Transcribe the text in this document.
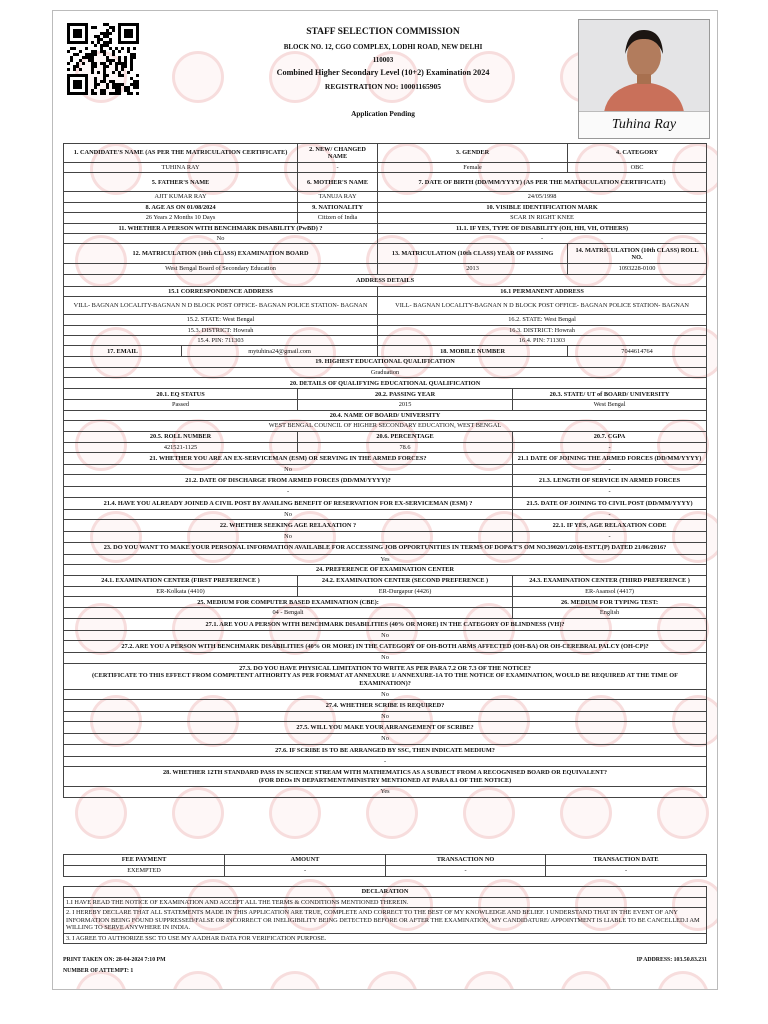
STAFF SELECTION COMMISSION
BLOCK NO. 12, CGO COMPLEX, LODHI ROAD, NEW DELHI
110003
Combined Higher Secondary Level (10+2) Examination 2024
REGISTRATION NO: 10001165905
Application Pending
Tuhina Ray
1. CANDIDATE'S NAME (AS PER THE MATRICULATION CERTIFICATE)		2. NEW/ CHANGED NAME	3. GENDER		4. CATEGORY
TUHINA RAY		-	Female		OBC
5. FATHER'S NAME		6. MOTHER'S NAME	7. DATE OF BIRTH (DD/MM/YYYY) (AS PER THE MATRICULATION CERTIFICATE)		
AJIT KUMAR RAY		TANUJA RAY	24/05/1998		
8. AGE AS ON 01/08/2024		9. NATIONALITY	10. VISIBLE IDENTIFICATION MARK		
26 Years 2 Months 10 Days		Citizen of India	SCAR IN RIGHT KNEE		
11. WHETHER A PERSON WITH BENCHMARK DISABILITY (PwBD) ?			11.1. IF YES, TYPE OF DISABILITY (OH, HH, VH, OTHERS)		
No			-		
12. MATRICULATION (10th CLASS) EXAMINATION BOARD			13. MATRICULATION (10th CLASS) YEAR OF PASSING		14. MATRICULATION (10th CLASS) ROLL NO.
West Bengal Board of Secondary Education			2013		1093228-0100
ADDRESS DETAILS					
15.1 CORRESPONDENCE ADDRESS			16.1 PERMANENT ADDRESS		
VILL- BAGNAN LOCALITY-BAGNAN N D BLOCK POST OFFICE- BAGNAN POLICE STATION- BAGNAN			VILL- BAGNAN LOCALITY-BAGNAN N D BLOCK POST OFFICE- BAGNAN POLICE STATION- BAGNAN		
15.2. STATE: West Bengal			16.2. STATE: West Bengal		
15.3. DISTRICT: Howrah			16.3. DISTRICT: Howrah		
15.4. PIN: 711303			16.4. PIN: 711303		
17. EMAIL	mytuhina24@gmail.com		18. MOBILE NUMBER		7044614764
19. HIGHEST EDUCATIONAL QUALIFICATION					
Graduation					
20. DETAILS OF QUALIFYING EDUCATIONAL QUALIFICATION					
20.1. EQ STATUS		20.2. PASSING YEAR		20.3. STATE/ UT of BOARD/ UNIVERSITY	
Passed		2015		West Bengal	
20.4. NAME OF BOARD/ UNIVERSITY					
WEST BENGAL COUNCIL OF HIGHER SECONDARY EDUCATION, WEST BENGAL					
20.5. ROLL NUMBER		20.6. PERCENTAGE		20.7. CGPA	
421521-1125		78.6		-	
21. WHETHER YOU ARE AN EX-SERVICEMAN (ESM) OR SERVING IN THE ARMED FORCES?				21.1 DATE OF JOINING THE ARMED FORCES (DD/MM/YYYY)	
No				-	
21.2. DATE OF DISCHARGE FROM ARMED FORCES (DD/MM/YYYY)?				21.3. LENGTH OF SERVICE IN ARMED FORCES	
-				-	
21.4. HAVE YOU ALREADY JOINED A CIVIL POST BY AVAILING BENEFIT OF RESERVATION FOR EX-SERVICEMAN (ESM) ?				21.5. DATE OF JOINING TO CIVIL POST (DD/MM/YYYY)	
No				-	
22. WHETHER SEEKING AGE RELAXATION ?				22.1. IF YES, AGE RELAXATION CODE	
No				-	
23. DO YOU WANT TO MAKE YOUR PERSONAL INFORMATION AVAILABLE FOR ACCESSING JOB OPPORTUNITIES IN TERMS OF DOP&T'S OM NO.39020/1/2016-ESTT.(P) DATED 21/06/2016?					
Yes					
24. PREFERENCE OF EXAMINATION CENTER					
24.1. EXAMINATION CENTER (FIRST PREFERENCE )		24.2. EXAMINATION CENTER (SECOND PREFERENCE )		24.3. EXAMINATION CENTER (THIRD PREFERENCE )	
ER-Kolkata (4410)		ER-Durgapur (4426)		ER-Asansol (4417)	
25. MEDIUM FOR COMPUTER BASED EXAMINATION (CBE):				26. MEDIUM FOR TYPING TEST:	
04 - Bengali				English	
27.1. ARE YOU A PERSON WITH BENCHMARK DISABILITIES (40% OR MORE) IN THE CATEGORY OF BLINDNESS (VH)?					
No					
27.2. ARE YOU A PERSON WITH BENCHMARK DISABILITIES (40% OR MORE) IN THE CATEGORY OF OH-BOTH ARMS AFFECTED (OH-BA) OR OH-CEREBRAL PALCY (OH-CP)?					
No					

27.3. DO YOU HAVE PHYSICAL LIMITATION TO WRITE AS PER PARA 7.2 OR 7.3 OF THE NOTICE?
(CERTIFICATE TO THIS EFFECT FROM COMPETENT AITHORITY AS PER FORMAT AT ANNEXURE 1/ ANNEXURE-1A TO THE NOTICE OF EXAMINATION, WOULD BE REQUIRED AT THE TIME OF EXAMINATION)?					

No					
27.4. WHETHER SCRIBE IS REQUIRED?					
No					
27.5. WILL YOU MAKE YOUR ARRANGEMENT OF SCRIBE?					
No					
27.6. IF SCRIBE IS TO BE ARRANGED BY SSC, THEN INDICATE MEDIUM?					
-					

28. WHETHER 12TH STANDARD PASS IN SCIENCE STREAM WITH MATHEMATICS AS A SUBJECT FROM A RECOGNISED BOARD OR EQUIVALENT?
(FOR DEOs IN DEPARTMENT/MINISTRY MENTIONED AT PARA 8.1 OF THE NOTICE)					

Yes					
FEE PAYMENT	AMOUNT	TRANSACTION NO	TRANSACTION DATE
EXEMPTED	-	-	-
DECLARATION
1.I HAVE READ THE NOTICE OF EXAMINATION AND ACCEPT ALL THE TERMS & CONDITIONS MENTIONED THEREIN.
2. I HEREBY DECLARE THAT ALL STATEMENTS MADE IN THIS APPLICATION ARE TRUE, COMPLETE AND CORRECT TO THE BEST OF MY KNOWLEDGE AND BELIEF. I UNDERSTAND THAT IN THE EVENT OF ANY INFORMATION BEING FOUND SUPPRESSED/FALSE OR INCORRECT OR INELIGIBILITY BEING DETECTED BEFORE OR AFTER THE EXAMINATION, MY CANDIDATURE/ APPOINTMENT IS LIABLE TO BE CANCELLED.I AM WILLING TO SERVE ANYWHERE IN INDIA.
3. I AGREE TO AUTHORIZE SSC TO USE MY AADHAR DATA FOR VERIFICATION PURPOSE.
PRINT TAKEN ON: 28-04-2024 7:10 PM
NUMBER OF ATTEMPT: 1
IP ADDRESS: 103.50.83.231
